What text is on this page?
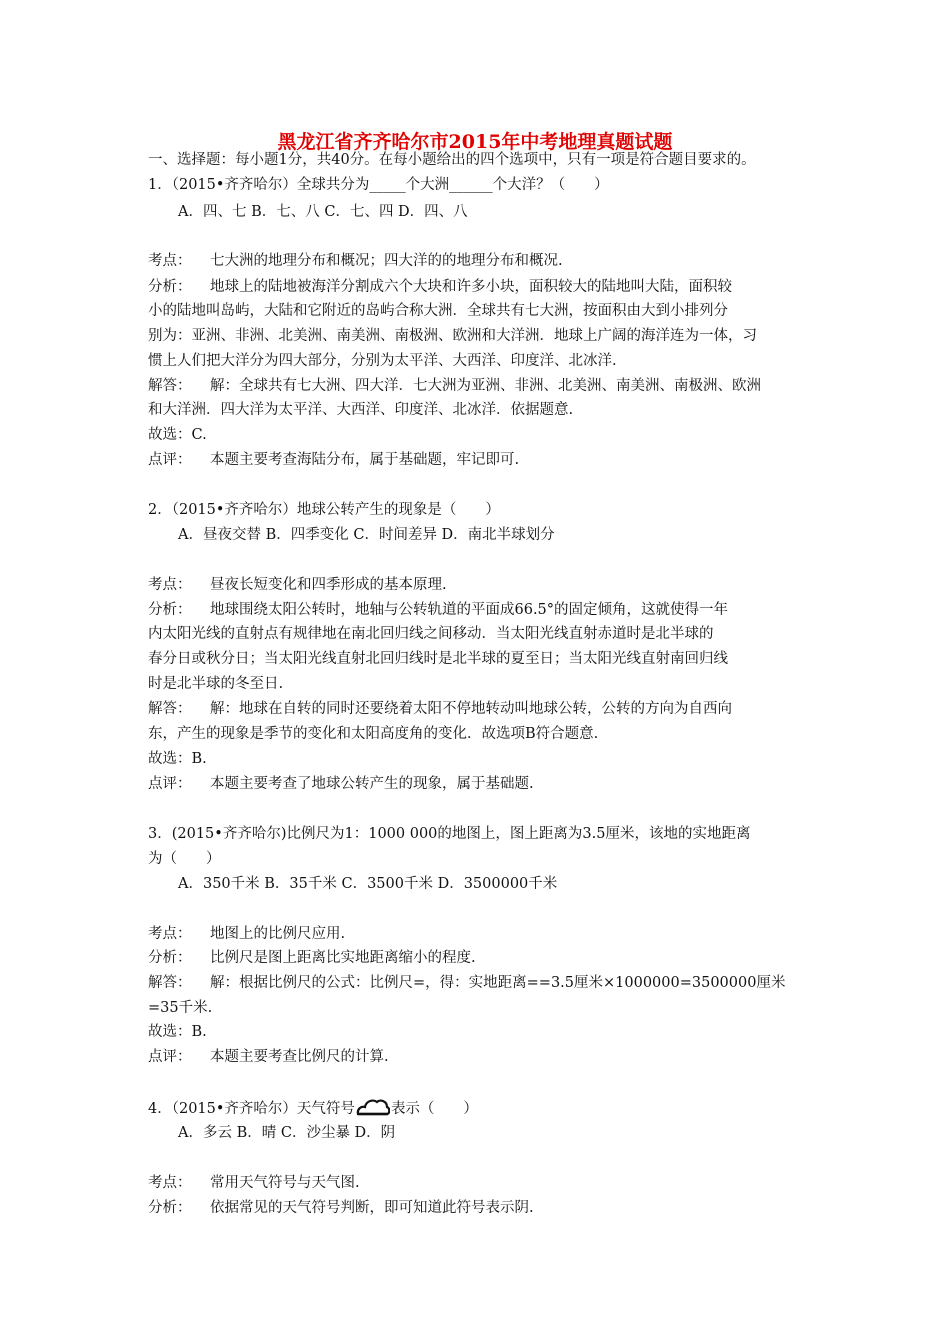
黑龙江省齐齐哈尔市2015年中考地理真题试题
一、选择题：每小题1分，共40分。在每小题给出的四个选项中，只有一项是符合题目要求的。
1．（2015•齐齐哈尔）全球共分为_____个大洲______个大洋？（　　）
A．四、七 B．七、八 C．七、四 D．四、八
考点： 七大洲的地理分布和概况；四大洋的的地理分布和概况.
分析： 地球上的陆地被海洋分割成六个大块和许多小块，面积较大的陆地叫大陆，面积较
小的陆地叫岛屿，大陆和它附近的岛屿合称大洲．全球共有七大洲，按面积由大到小排列分
别为：亚洲、非洲、北美洲、南美洲、南极洲、欧洲和大洋洲．地球上广阔的海洋连为一体，习
惯上人们把大洋分为四大部分，分别为太平洋、大西洋、印度洋、北冰洋.
解答： 解：全球共有七大洲、四大洋．七大洲为亚洲、非洲、北美洲、南美洲、南极洲、欧洲
和大洋洲．四大洋为太平洋、大西洋、印度洋、北冰洋．依据题意.
故选：C.
点评： 本题主要考查海陆分布，属于基础题，牢记即可.
2．（2015•齐齐哈尔）地球公转产生的现象是（　　）
A．昼夜交替 B．四季变化 C．时间差异 D．南北半球划分
考点： 昼夜长短变化和四季形成的基本原理.
分析： 地球围绕太阳公转时，地轴与公转轨道的平面成66.5°的固定倾角，这就使得一年
内太阳光线的直射点有规律地在南北回归线之间移动．当太阳光线直射赤道时是北半球的
春分日或秋分日；当太阳光线直射北回归线时是北半球的夏至日；当太阳光线直射南回归线
时是北半球的冬至日.
解答： 解：地球在自转的同时还要绕着太阳不停地转动叫地球公转，公转的方向为自西向
东，产生的现象是季节的变化和太阳高度角的变化．故选项B符合题意.
故选：B.
点评： 本题主要考查了地球公转产生的现象，属于基础题.
3．(2015•齐齐哈尔)比例尺为1：1000 000的地图上，图上距离为3.5厘米，该地的实地距离
为（　　）
A．350千米 B．35千米 C．3500千米 D．3500000千米
考点： 地图上的比例尺应用.
分析： 比例尺是图上距离比实地距离缩小的程度.
解答： 解：根据比例尺的公式：比例尺=，得：实地距离==3.5厘米×1000000=3500000厘米
=35千米.
故选：B.
点评： 本题主要考查比例尺的计算.
4．（2015•齐齐哈尔）天气符号 表示（　　）
A．多云 B．晴 C．沙尘暴 D．阴
考点： 常用天气符号与天气图.
分析： 依据常见的天气符号判断，即可知道此符号表示阴.
